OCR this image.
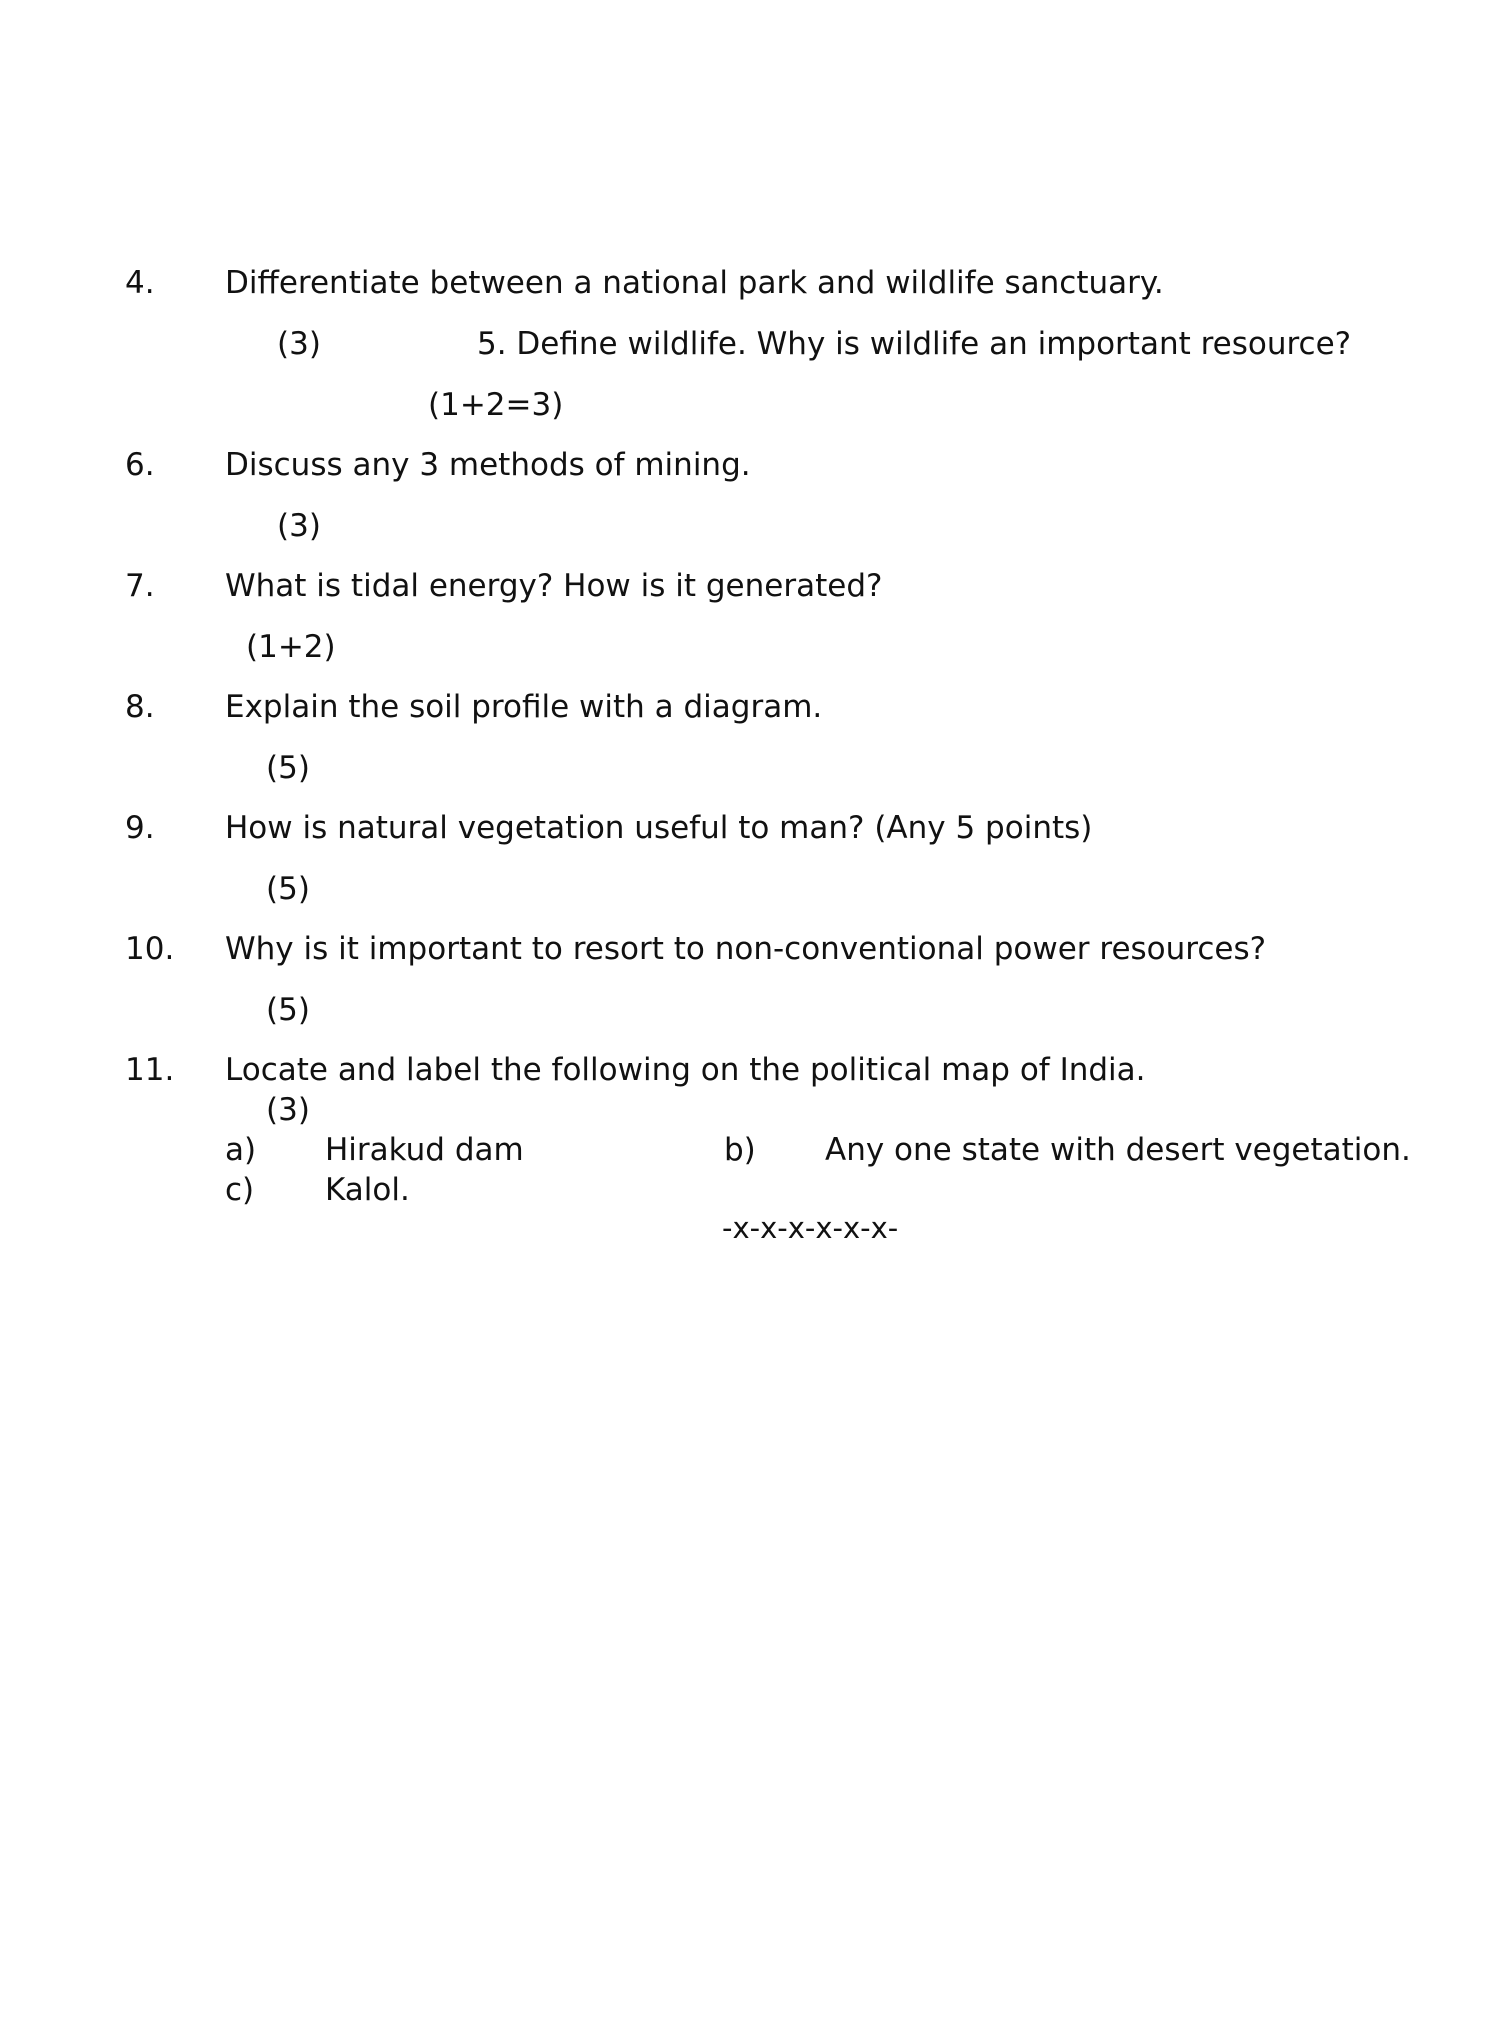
4. Differentiate between a national park and wildlife sanctuary.
(3)	5. Define wildlife. Why is wildlife an important resource?
(1+2=3)
6. Discuss any 3 methods of mining.
(3)
7. What is tidal energy? How is it generated?
(1+2)
8. Explain the soil profile with a diagram.
(5)
9. How is natural vegetation useful to man? (Any 5 points)
(5)
10. Why is it important to resort to non-conventional power resources?
(5)
11. Locate and label the following on the political map of India.
(3)
a) Hirakud dam	b) Any one state with desert vegetation.
c) Kalol.
-x-x-x-x-x-x-
